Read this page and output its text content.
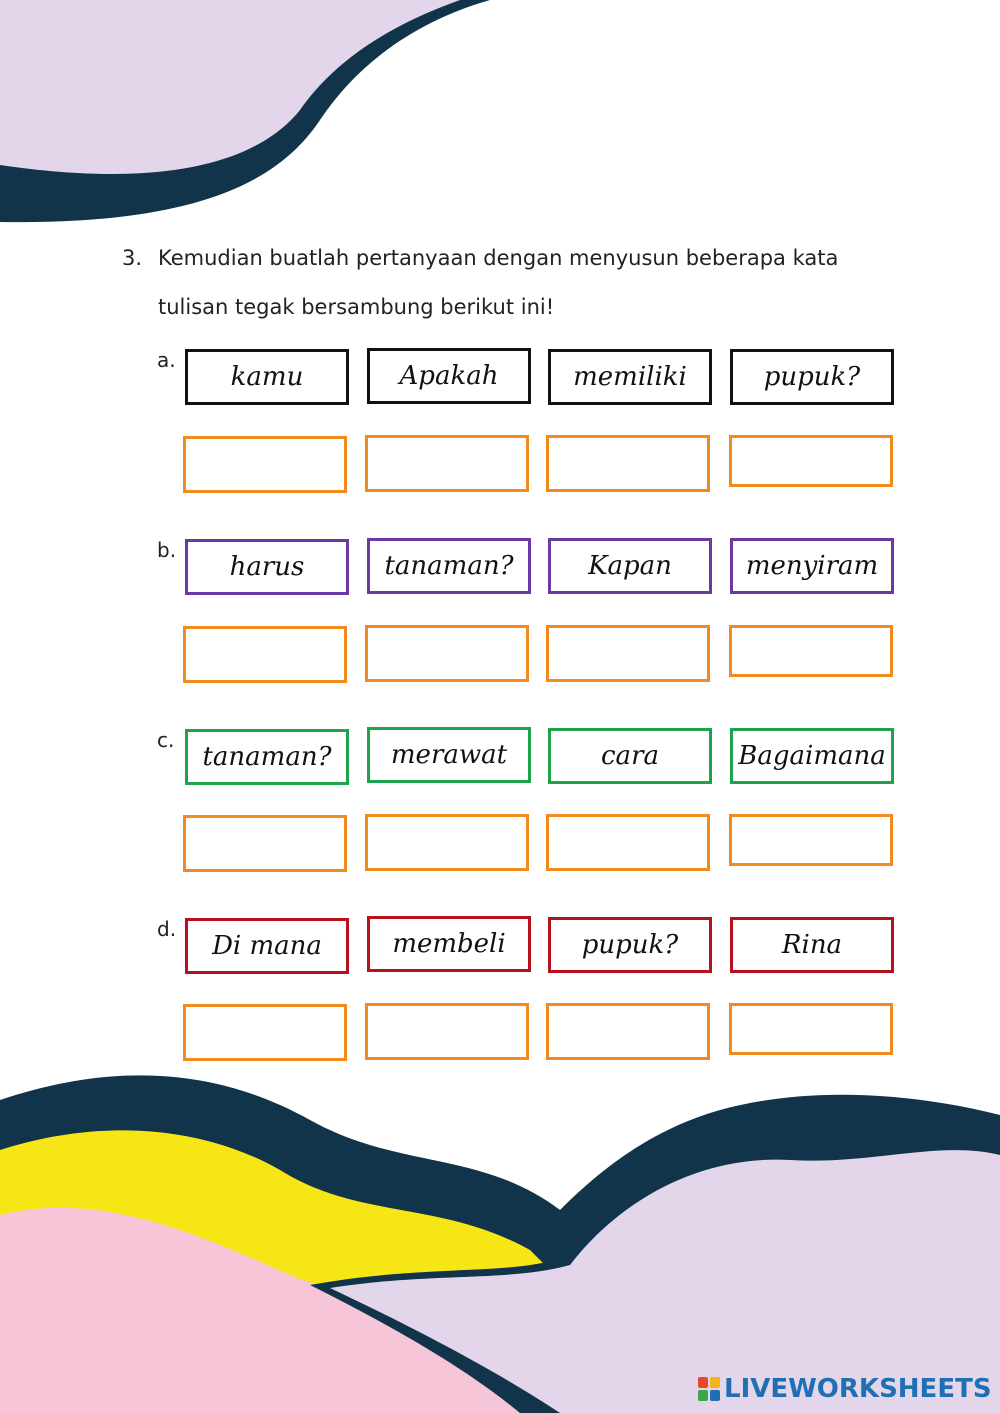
3. Kemudian buatlah pertanyaan dengan menyusun beberapa kata
tulisan tegak bersambung berikut ini!
a.
kamu	Apakah	memiliki	pupuk?
b.
harus	tanaman?	Kapan	menyiram
c.
tanaman?	merawat	cara	Bagaimana
d.
Di mana	membeli	pupuk?	Rina
LIVEWORKSHEETS
